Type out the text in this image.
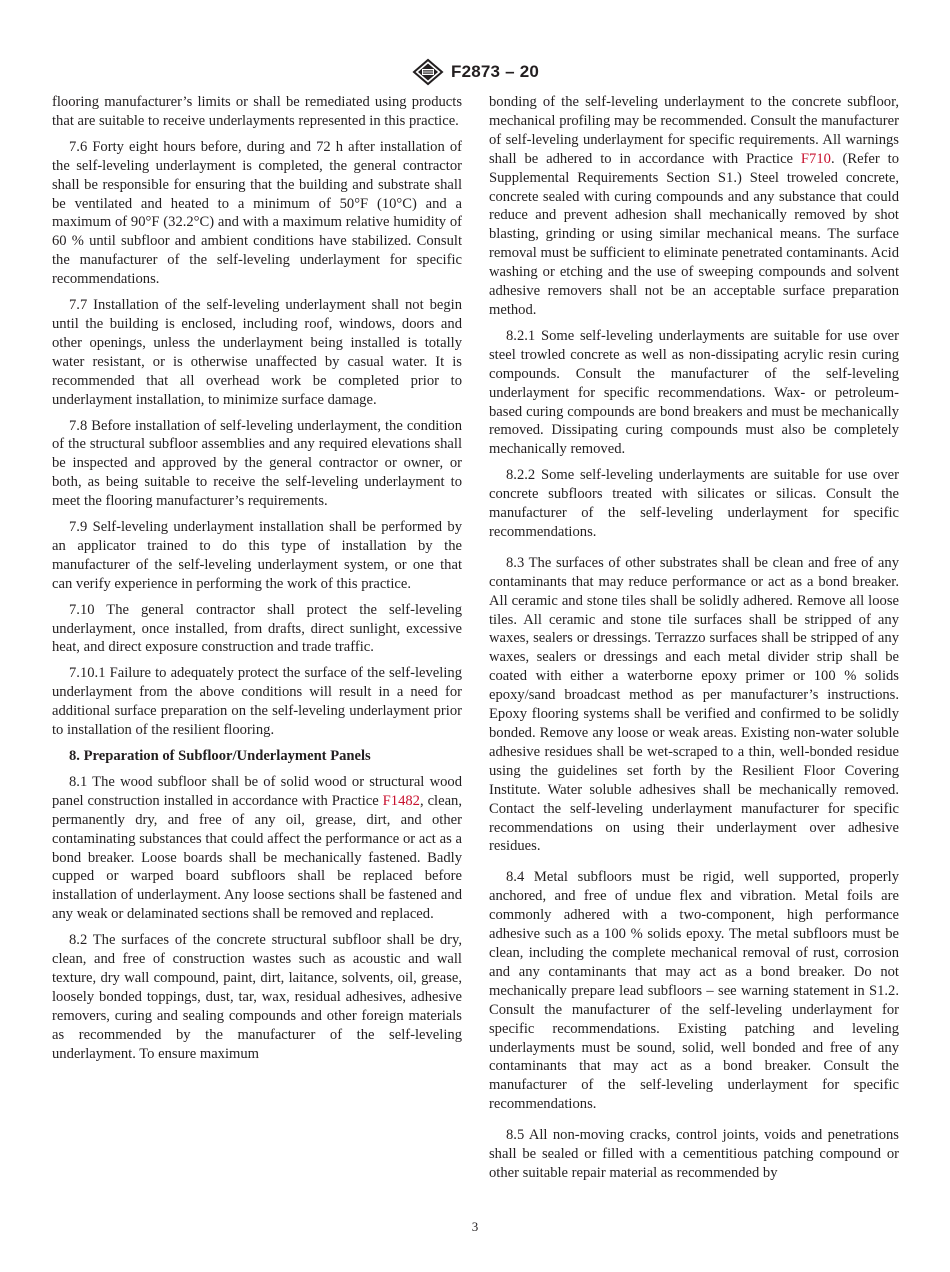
F2873 – 20

flooring manufacturer’s limits or shall be remediated using products that are suitable to receive underlayments represented in this practice.

7.6 Forty eight hours before, during and 72 h after installation of the self-leveling underlayment is completed, the general contractor shall be responsible for ensuring that the building and substrate shall be ventilated and heated to a minimum of 50°F (10°C) and a maximum of 90°F (32.2°C) and with a maximum relative humidity of 60 % until subfloor and ambient conditions have stabilized. Consult the manufacturer of the self-leveling underlayment for specific recommendations.

7.7 Installation of the self-leveling underlayment shall not begin until the building is enclosed, including roof, windows, doors and other openings, unless the underlayment being installed is totally water resistant, or is otherwise unaffected by casual water. It is recommended that all overhead work be completed prior to underlayment installation, to minimize surface damage.

7.8 Before installation of self-leveling underlayment, the condition of the structural subfloor assemblies and any required elevations shall be inspected and approved by the general contractor or owner, or both, as being suitable to receive the self-leveling underlayment to meet the flooring manufacturer’s requirements.

7.9 Self-leveling underlayment installation shall be performed by an applicator trained to do this type of installation by the manufacturer of the self-leveling underlayment system, or one that can verify experience in performing the work of this practice.

7.10 The general contractor shall protect the self-leveling underlayment, once installed, from drafts, direct sunlight, excessive heat, and direct exposure construction and trade traffic.

7.10.1 Failure to adequately protect the surface of the self-leveling underlayment from the above conditions will result in a need for additional surface preparation on the self-leveling underlayment prior to installation of the resilient flooring.

8. Preparation of Subfloor/Underlayment Panels

8.1 The wood subfloor shall be of solid wood or structural wood panel construction installed in accordance with Practice F1482, clean, permanently dry, and free of any oil, grease, dirt, and other contaminating substances that could affect the performance or act as a bond breaker. Loose boards shall be mechanically fastened. Badly cupped or warped board subfloors shall be replaced before installation of underlayment. Any loose sections shall be fastened and any weak or delaminated sections shall be removed and replaced.

8.2 The surfaces of the concrete structural subfloor shall be dry, clean, and free of construction wastes such as acoustic and wall texture, dry wall compound, paint, dirt, laitance, solvents, oil, grease, loosely bonded toppings, dust, tar, wax, residual adhesives, adhesive removers, curing and sealing compounds and other foreign materials as recommended by the manufacturer of the self-leveling underlayment. To ensure maximum

bonding of the self-leveling underlayment to the concrete subfloor, mechanical profiling may be recommended. Consult the manufacturer of self-leveling underlayment for specific requirements. All warnings shall be adhered to in accordance with Practice F710. (Refer to Supplemental Requirements Section S1.) Steel troweled concrete, concrete sealed with curing compounds and any substance that could reduce and prevent adhesion shall mechanically removed by shot blasting, grinding or using similar mechanical means. The surface removal must be sufficient to eliminate penetrated contaminants. Acid washing or etching and the use of sweeping compounds and solvent adhesive removers shall not be an acceptable surface preparation method.

8.2.1 Some self-leveling underlayments are suitable for use over steel trowled concrete as well as non-dissipating acrylic resin curing compounds. Consult the manufacturer of the self-leveling underlayment for specific recommendations. Wax- or petroleum-based curing compounds are bond breakers and must be mechanically removed. Dissipating curing compounds must also be completely mechanically removed.

8.2.2 Some self-leveling underlayments are suitable for use over concrete subfloors treated with silicates or silicas. Consult the manufacturer of the self-leveling underlayment for specific recommendations.

8.3 The surfaces of other substrates shall be clean and free of any contaminants that may reduce performance or act as a bond breaker. All ceramic and stone tiles shall be solidly adhered. Remove all loose tiles. All ceramic and stone tile surfaces shall be stripped of any waxes, sealers or dressings. Terrazzo surfaces shall be stripped of any waxes, sealers or dressings and each metal divider strip shall be coated with either a waterborne epoxy primer or 100 % solids epoxy/sand broadcast method as per manufacturer’s instructions. Epoxy flooring systems shall be verified and confirmed to be solidly bonded. Remove any loose or weak areas. Existing non-water soluble adhesive residues shall be wet-scraped to a thin, well-bonded residue using the guidelines set forth by the Resilient Floor Covering Institute. Water soluble adhesives shall be mechanically removed. Contact the self-leveling underlayment manufacturer for specific recommendations on using their underlayment over adhesive residues.

8.4 Metal subfloors must be rigid, well supported, properly anchored, and free of undue flex and vibration. Metal foils are commonly adhered with a two-component, high performance adhesive such as a 100 % solids epoxy. The metal subfloors must be clean, including the complete mechanical removal of rust, corrosion and any contaminants that may act as a bond breaker. Do not mechanically prepare lead subfloors – see warning statement in S1.2. Consult the manufacturer of the self-leveling underlayment for specific recommendations. Existing patching and leveling underlayments must be sound, solid, well bonded and free of any contaminants that may act as a bond breaker. Consult the manufacturer of the self-leveling underlayment for specific recommendations.

8.5 All non-moving cracks, control joints, voids and penetrations shall be sealed or filled with a cementitious patching compound or other suitable repair material as recommended by

3
